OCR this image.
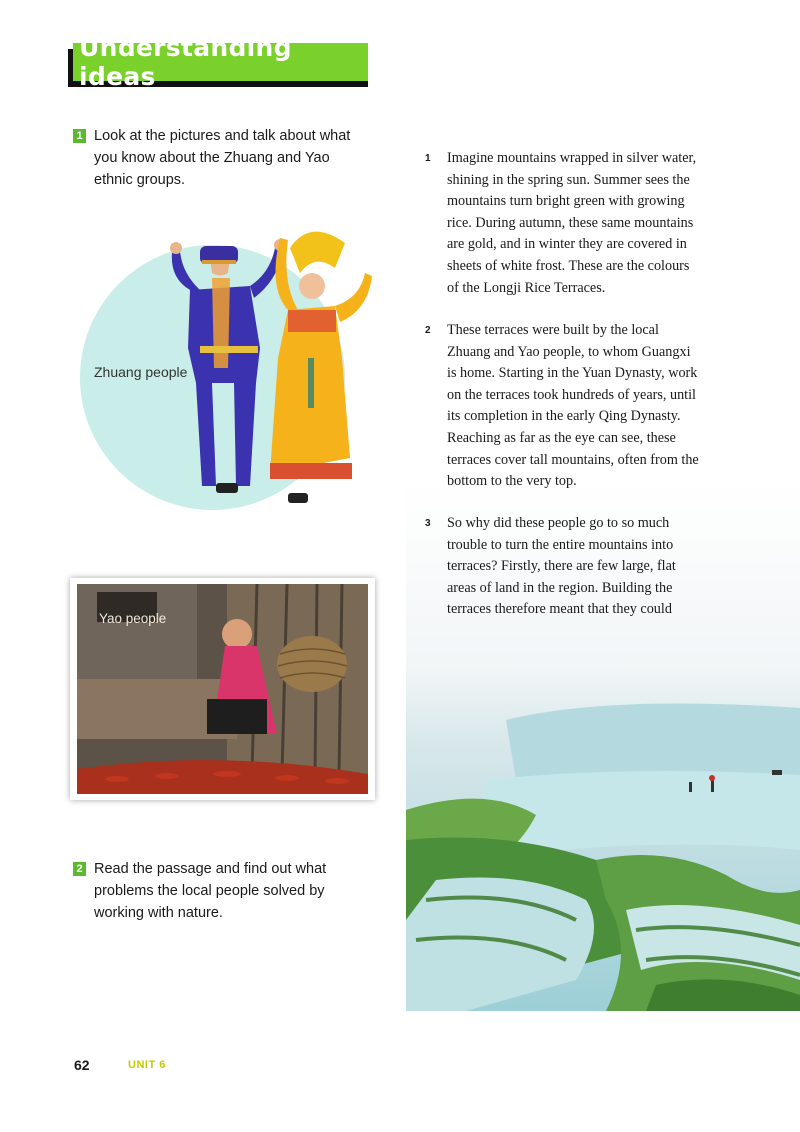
Understanding ideas
1 Look at the pictures and talk about what
you know about the Zhuang and Yao
ethnic groups.
Zhuang people
Yao people
2 Read the passage and find out what
problems the local people solved by
working with nature.
1 Imagine mountains wrapped in silver water,
shining in the spring sun. Summer sees the
mountains turn bright green with growing
rice. During autumn, these same mountains
are gold, and in winter they are covered in
sheets of white frost. These are the colours
of the Longji Rice Terraces.
2 These terraces were built by the local
Zhuang and Yao people, to whom Guangxi
is home. Starting in the Yuan Dynasty, work
on the terraces took hundreds of years, until
its completion in the early Qing Dynasty.
Reaching as far as the eye can see, these
terraces cover tall mountains, often from the
bottom to the very top.
3 So why did these people go to so much
trouble to turn the entire mountains into
terraces? Firstly, there are few large, flat
areas of land in the region. Building the
terraces therefore meant that they could
62	UNIT 6
